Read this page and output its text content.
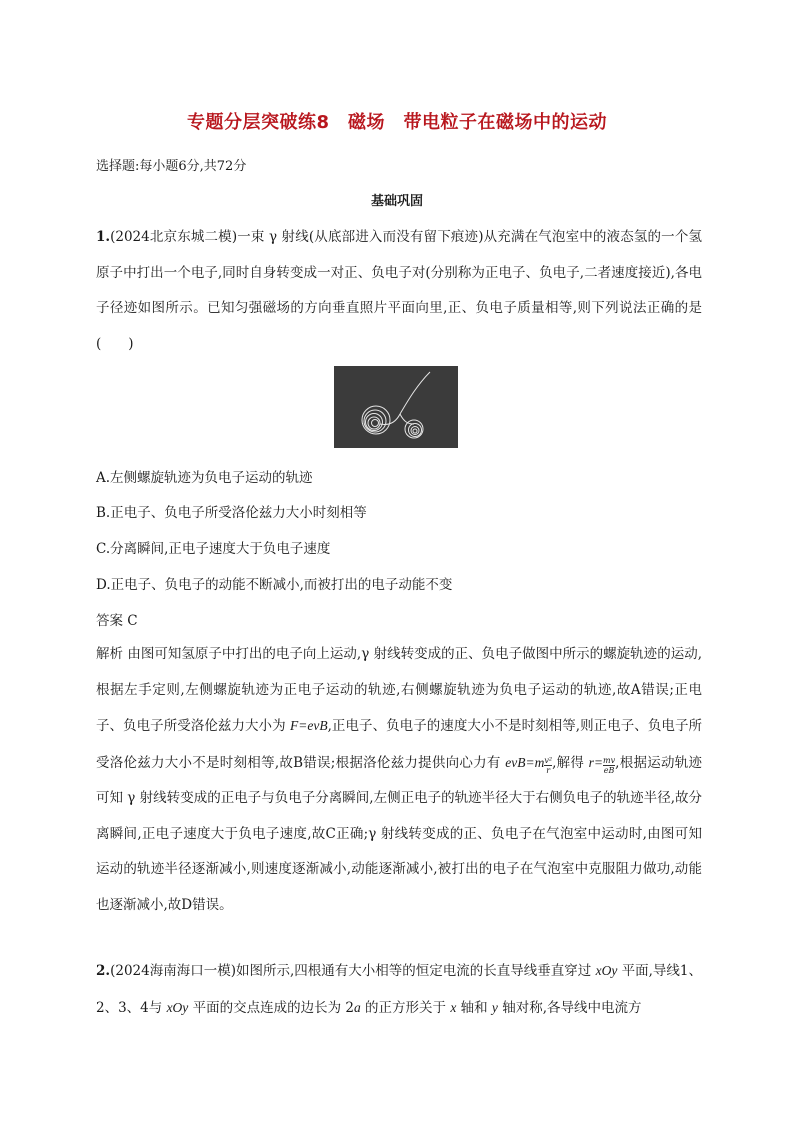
专题分层突破练8　磁场　带电粒子在磁场中的运动
选择题:每小题6分,共72分
基础巩固
1.(2024北京东城二模)一束 γ 射线(从底部进入而没有留下痕迹)从充满在气泡室中的液态氢的一个氢原子中打出一个电子,同时自身转变成一对正、负电子对(分别称为正电子、负电子,二者速度接近),各电子径迹如图所示。已知匀强磁场的方向垂直照片平面向里,正、负电子质量相等,则下列说法正确的是(　　)
A.左侧螺旋轨迹为负电子运动的轨迹
B.正电子、负电子所受洛伦兹力大小时刻相等
C.分离瞬间,正电子速度大于负电子速度
D.正电子、负电子的动能不断减小,而被打出的电子动能不变
答案 C
解析 由图可知氢原子中打出的电子向上运动,γ 射线转变成的正、负电子做图中所示的螺旋轨迹的运动,根据左手定则,左侧螺旋轨迹为正电子运动的轨迹,右侧螺旋轨迹为负电子运动的轨迹,故A错误;正电子、负电子所受洛伦兹力大小为 F=evB,正电子、负电子的速度大小不是时刻相等,则正电子、负电子所受洛伦兹力大小不是时刻相等,故B错误;根据洛伦兹力提供向心力有 $evB=m \frac{\text{v²}}{r}$ ,解得 $r= \frac{mv}{eB}$ ,根据运动轨迹可知 γ 射线转变成的正电子与负电子分离瞬间,左侧正电子的轨迹半径大于右侧负电子的轨迹半径,故分离瞬间,正电子速度大于负电子速度,故C正确;γ 射线转变成的正、负电子在气泡室中运动时,由图可知运动的轨迹半径逐渐减小,则速度逐渐减小,动能逐渐减小,被打出的电子在气泡室中克服阻力做功,动能也逐渐减小,故D错误。
2.(2024海南海口一模)如图所示,四根通有大小相等的恒定电流的长直导线垂直穿过 xOy 平面,导线1、2、3、4与 xOy 平面的交点连成的边长为 2a 的正方形关于 x 轴和 y 轴对称,各导线中电流方
